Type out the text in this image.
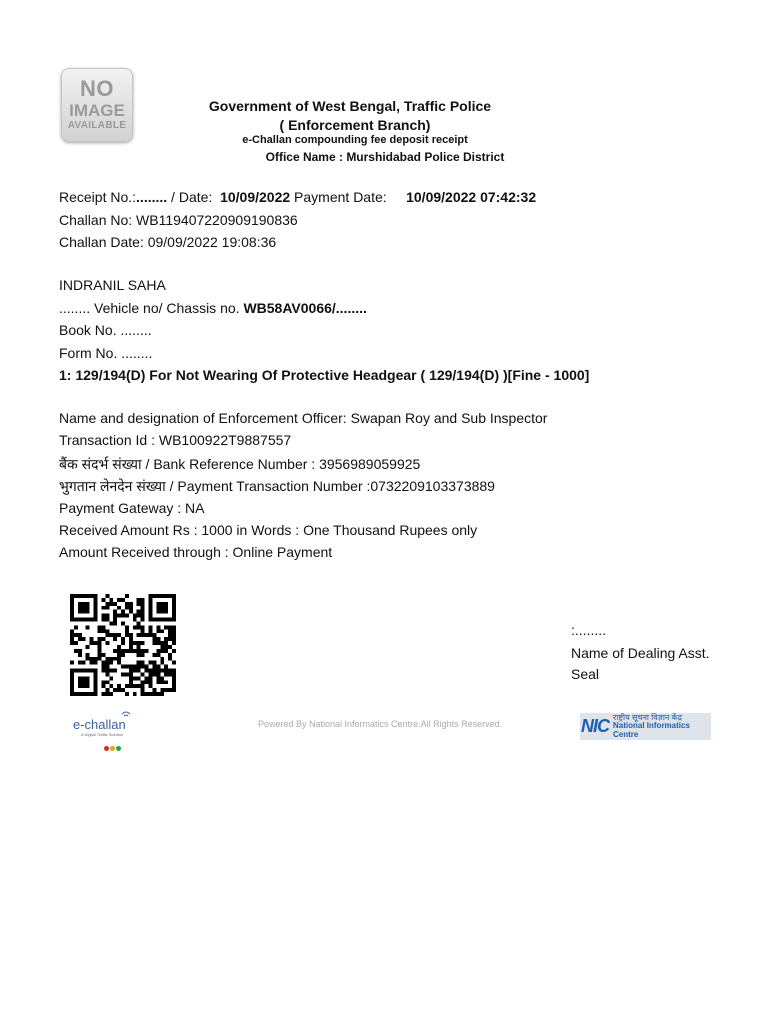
NO
IMAGE
AVAILABLE
Government of West Bengal, Traffic Police
( Enforcement Branch)
e-Challan compounding fee deposit receipt
Office Name : Murshidabad Police District
Receipt No.:........ / Date:  10/09/2022 Payment Date:     10/09/2022 07:42:32
Challan No: WB119407220909190836
Challan Date: 09/09/2022 19:08:36
INDRANIL SAHA
........ Vehicle no/ Chassis no. WB58AV0066/........
Book No. ........
Form No. ........
1: 129/194(D) For Not Wearing Of Protective Headgear ( 129/194(D) )[Fine - 1000]
Name and designation of Enforcement Officer: Swapan Roy and Sub Inspector
Transaction Id : WB100922T9887557
बैंक संदर्भ संख्या / Bank Reference Number : 3956989059925
भुगतान लेनदेन संख्या / Payment Transaction Number :0732209103373889
Payment Gateway : NA
Received Amount Rs : 1000 in Words : One Thousand Rupees only
Amount Received through : Online Payment
:........
Name of Dealing Asst.
Seal
e-challan
A Digital Traffic Solution
Powered By National Informatics Centre.All Rights Reserved.	NIC राष्ट्रीय सूचना विज्ञान केंद्र
National Informatics Centre
